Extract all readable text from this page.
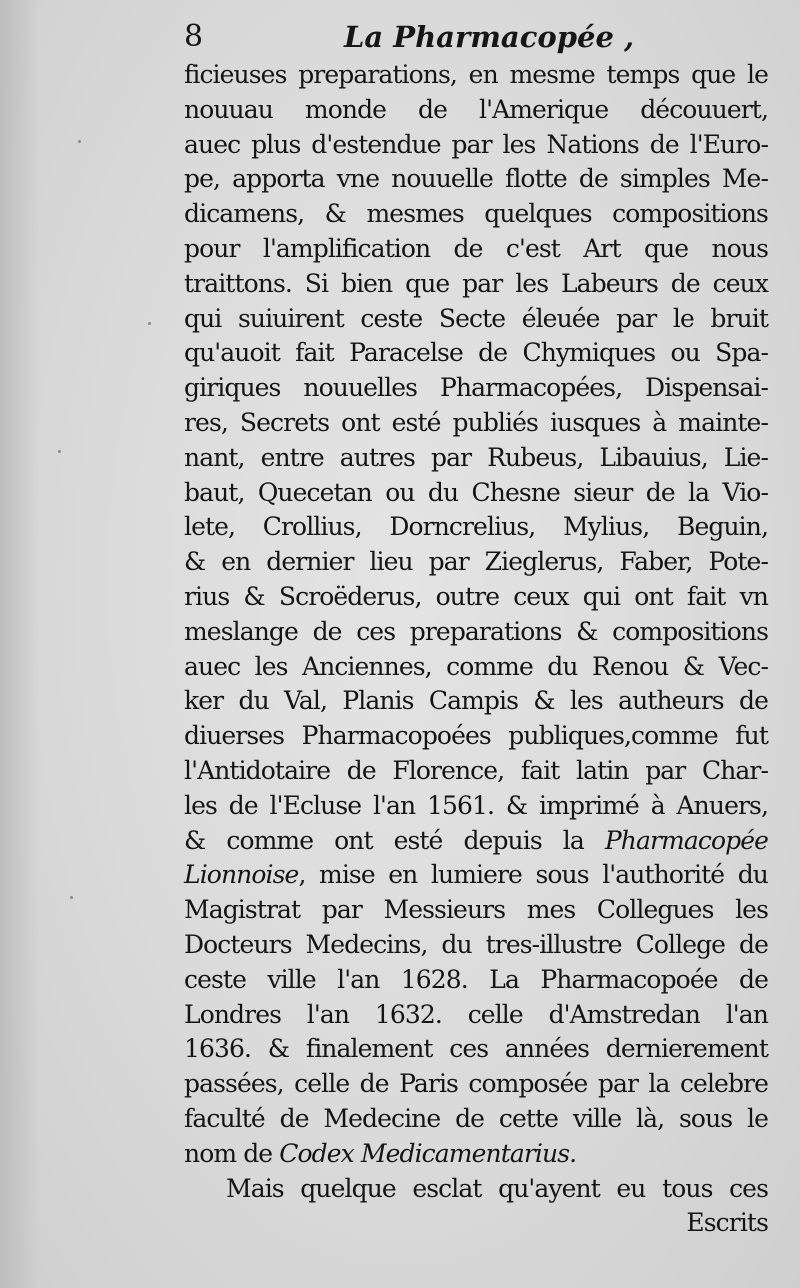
8	La Pharmacopée ,
ficieuses preparations, en mesme temps que le
nouuau monde de l'Amerique découuert,
auec plus d'estendue par les Nations de l'Euro-
pe, apporta vne nouuelle flotte de simples Me-
dicamens, & mesmes quelques compositions
pour l'amplification de c'est Art que nous
traittons. Si bien que par les Labeurs de ceux
qui suiuirent ceste Secte éleuée par le bruit
qu'auoit fait Paracelse de Chymiques ou Spa-
giriques nouuelles Pharmacopées, Dispensai-
res, Secrets ont esté publiés iusques à mainte-
nant, entre autres par Rubeus, Libauius, Lie-
baut, Quecetan ou du Chesne sieur de la Vio-
lete, Crollius, Dorncrelius, Mylius, Beguin,
& en dernier lieu par Zieglerus, Faber, Pote-
rius & Scroëderus, outre ceux qui ont fait vn
meslange de ces preparations & compositions
auec les Anciennes, comme du Renou & Vec-
ker du Val, Planis Campis & les autheurs de
diuerses Pharmacopoées publiques,comme fut
l'Antidotaire de Florence, fait latin par Char-
les de l'Ecluse l'an 1561. & imprimé à Anuers,
& comme ont esté depuis la Pharmacopée
Lionnoise, mise en lumiere sous l'authorité du
Magistrat par Messieurs mes Collegues les
Docteurs Medecins, du tres-illustre College de
ceste ville l'an 1628. La Pharmacopoée de
Londres l'an 1632. celle d'Amstredan l'an
1636. & finalement ces années dernierement
passées, celle de Paris composée par la celebre
faculté de Medecine de cette ville là, sous le
nom de Codex Medicamentarius.
Mais quelque esclat qu'ayent eu tous ces
Escrits
